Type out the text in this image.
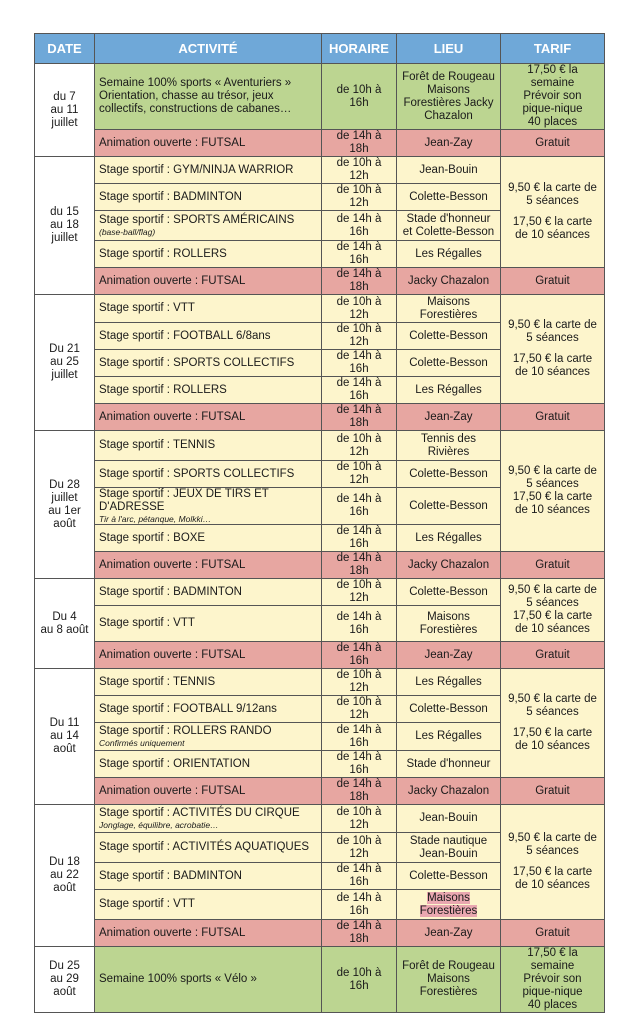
DATE	ACTIVITÉ	HORAIRE	LIEU	TARIF

du 7
au 11
juillet	Semaine 100% sports « Aventuriers » Orientation, chasse au trésor, jeux collectifs, constructions de cabanes…	de 10h à 16h	Forêt de Rougeau Maisons Forestières Jacky Chazalon	17,50 € la semaine
Prévoir son
pique-nique
40 places

	Animation ouverte : FUTSAL	de 14h à 18h	Jean-Zay	Gratuit

du 15
au 18
juillet	Stage sportif : GYM/NINJA WARRIOR	de 10h à 12h	Jean-Bouin	9,50 € la carte de 5 séances
17,50 € la carte de 10 séances

	Stage sportif : BADMINTON	de 10h à 12h	Colette-Besson	

	Stage sportif : SPORTS AMÉRICAINS
(base-ball/flag)	de 14h à 16h	Stade d'honneur et Colette-Besson	
	Stage sportif : ROLLERS	de 14h à 16h	Les Régalles	
	Animation ouverte : FUTSAL	de 14h à 18h	Jacky Chazalon	Gratuit

Du 21
au 25
juillet	Stage sportif : VTT	de 10h à 12h	Maisons Forestières	9,50 € la carte de 5 séances
17,50 € la carte de 10 séances

	Stage sportif : FOOTBALL 6/8ans	de 10h à 12h	Colette-Besson	
	Stage sportif : SPORTS COLLECTIFS	de 14h à 16h	Colette-Besson	
	Stage sportif : ROLLERS	de 14h à 16h	Les Régalles	
	Animation ouverte : FUTSAL	de 14h à 18h	Jean-Zay	Gratuit

Du 28
juillet
au 1er
août	Stage sportif : TENNIS	de 10h à 12h	Tennis des Rivières	9,50 € la carte de 5 séances
17,50 € la carte de 10 séances

	Stage sportif : SPORTS COLLECTIFS	de 10h à 12h	Colette-Besson	

	Stage sportif : JEUX DE TIRS ET D'ADRESSE
Tir à l'arc, pétanque, Molkki…	de 14h à 16h	Colette-Besson	
	Stage sportif : BOXE	de 14h à 16h	Les Régalles	
	Animation ouverte : FUTSAL	de 14h à 18h	Jacky Chazalon	Gratuit

Du 4
au 8 août	Stage sportif : BADMINTON	de 10h à 12h	Colette-Besson	9,50 € la carte de 5 séances
17,50 € la carte de 10 séances

	Stage sportif : VTT	de 14h à 16h	Maisons Forestières	
	Animation ouverte : FUTSAL	de 14h à 16h	Jean-Zay	Gratuit

Du 11
au 14
août	Stage sportif : TENNIS	de 10h à 12h	Les Régalles	9,50 € la carte de 5 séances
17,50 € la carte de 10 séances

	Stage sportif : FOOTBALL 9/12ans	de 10h à 12h	Colette-Besson	

	Stage sportif : ROLLERS RANDO
Confirmés uniquement	de 14h à 16h	Les Régalles	
	Stage sportif : ORIENTATION	de 14h à 16h	Stade d'honneur	
	Animation ouverte : FUTSAL	de 14h à 18h	Jacky Chazalon	Gratuit

Du 18
au 22
août	Stage sportif : ACTIVITÉS DU CIRQUE
Jonglage, équilibre, acrobatie…	de 10h à 12h	Jean-Bouin	9,50 € la carte de 5 séances
17,50 € la carte de 10 séances

	Stage sportif : ACTIVITÉS AQUATIQUES	de 10h à 12h	Stade nautique Jean-Bouin	
	Stage sportif : BADMINTON	de 14h à 16h	Colette-Besson	
	Stage sportif : VTT	de 14h à 16h	Maisons Forestières	
	Animation ouverte : FUTSAL	de 14h à 18h	Jean-Zay	Gratuit

Du 25
au 29
août	Semaine 100% sports « Vélo »	de 10h à 16h	Forêt de Rougeau Maisons Forestières	17,50 € la semaine
Prévoir son
pique-nique
40 places
